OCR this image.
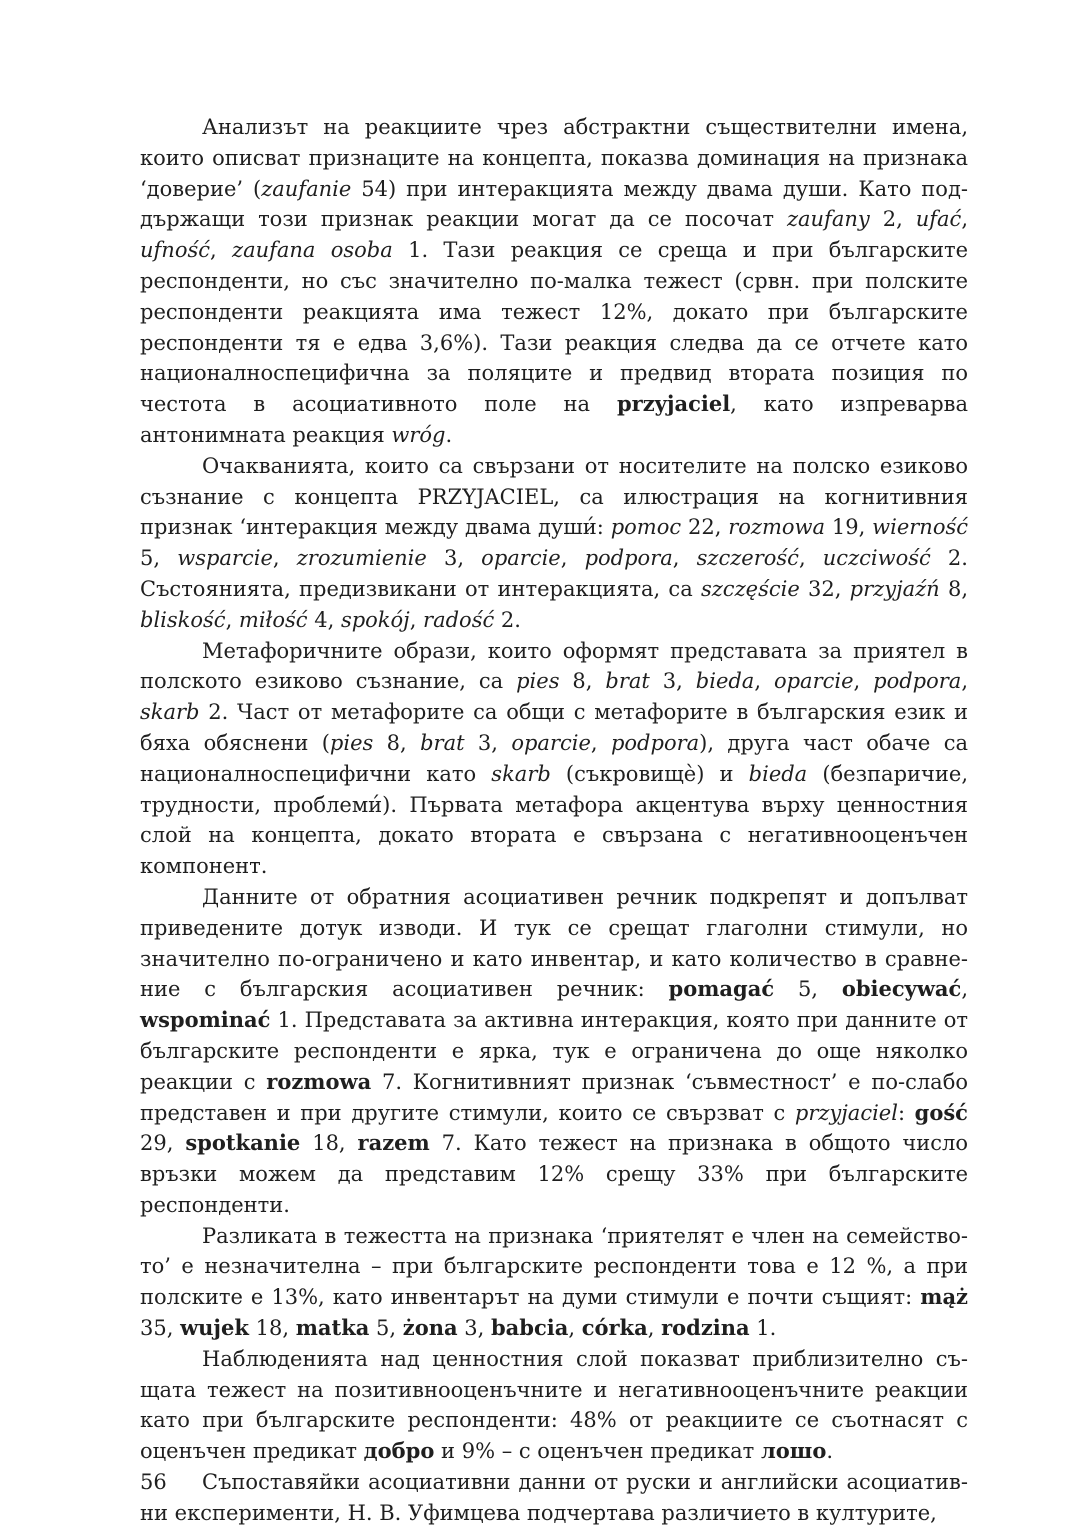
Анализът на реакциите чрез абстрактни съществителни имена, които описват признаците на концепта, показва доминация на признака ‘доверие’ (zaufanie 54) при интеракцията между двама души. Като поддържащи този признак реакции могат да се посочат zaufany 2, ufać, ufność, zaufana osoba 1. Тази реакция се среща и при българските респонденти, но със значително по-малка тежест (срвн. при полските респонденти реакцията има тежест 12%, докато при българските респонденти тя е едва 3,6%). Тази реакция следва да се отчете като националноспецифична за поляците и предвид втората позиция по честота в асоциативното поле на przyjaciel, като изпреварва антонимната реакция wróg.

Очакванията, които са свързани от носителите на полско езиково съзнание с концепта PRZYJACIEL, са илюстрация на когнитивния признак ‘интеракция между двама души́: pomoc 22, rozmowa 19, wierność 5, wsparcie, zrozumienie 3, oparcie, podpora, szczerość, uczciwość 2. Състоянията, предизвикани от интеракцията, са szczęście 32, przyjaźń 8, bliskość, miłość 4, spokój, radość 2.

Метафоричните образи, които оформят представата за приятел в полското езиково съзнание, са pies 8, brat 3, bieda, oparcie, podpora, skarb 2. Част от метафорите са общи с метафорите в българския език и бяха обяснени (pies 8, brat 3, oparcie, podpora), друга част обаче са националноспецифични като skarb (съкровищѐ) и bieda (безпаричие, трудности, проблеми́). Първата метафора акцентува върху ценностния слой на концепта, докато втората е свързана с негативнооценъчен компонент.

Данните от обратния асоциативен речник подкрепят и допълват приведените дотук изводи. И тук се срещат глаголни стимули, но значително по-ограничено и като инвентар, и като количество в сравнение с българския асоциативен речник: pomagać 5, obiecywać, wspominać 1. Представата за активна интеракция, която при данните от българските респонденти е ярка, тук е ограничена до още няколко реакции с rozmowa 7. Когнитивният признак ‘съвместност’ е по-слабо представен и при другите стимули, които се свързват с przyjaciel: gość 29, spotkanie 18, razem 7. Като тежест на признака в общото число връзки можем да представим 12% срещу 33% при българските респонденти.

Разликата в тежестта на признака ‘приятелят е член на семейството’ е незначителна – при българските респонденти това е 12 %, а при полските е 13%, като инвентарът на думи стимули е почти същият: mąż 35, wujek 18, matka 5, żona 3, babcia, córka, rodzina 1.

Наблюденията над ценностния слой показват приблизително същата тежест на позитивнооценъчните и негативнооценъчните реакции като при българските респонденти: 48% от реакциите се съотнасят с оценъчен предикат добро и 9% – с оценъчен предикат лошо.

Съпоставяйки асоциативни данни от руски и английски асоциативни експерименти, Н. В. Уфимцева подчертава различието в културите,

56
